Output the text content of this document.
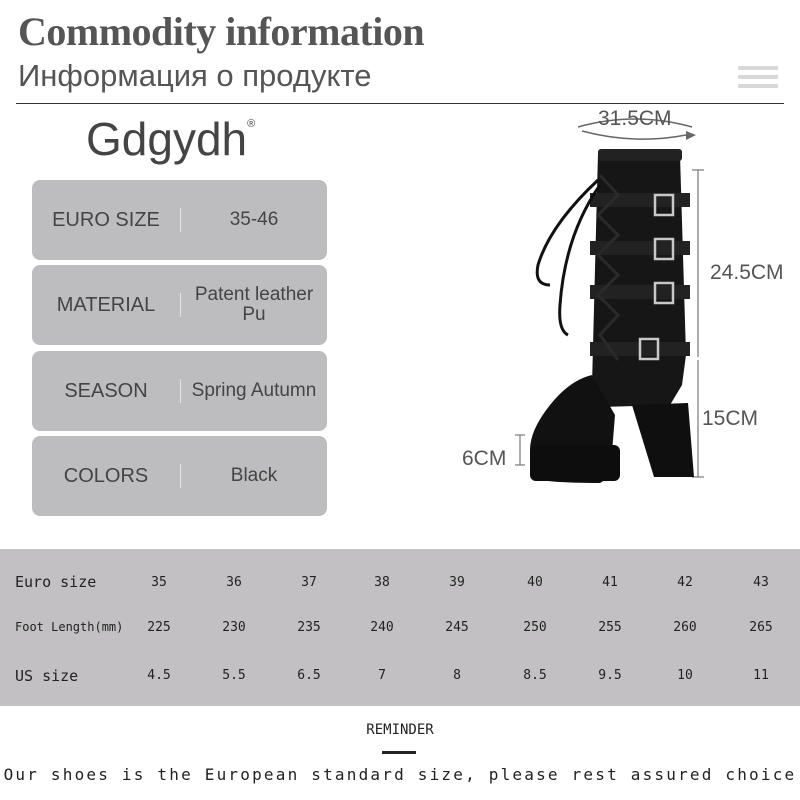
Commodity information
Информация о продукте
Gdgydh®
EURO SIZE	35-46
MATERIAL	Patent leather Pu
SEASON	Spring Autumn
COLORS	Black
31.5CM
24.5CM
15CM
6CM
Euro size	35	36	37	38	39	40	41	42	43
Foot Length(mm)	225	230	235	240	245	250	255	260	265
US size	4.5	5.5	6.5	7	8	8.5	9.5	10	11
REMINDER
Our shoes is the European standard size, please rest assured choice
